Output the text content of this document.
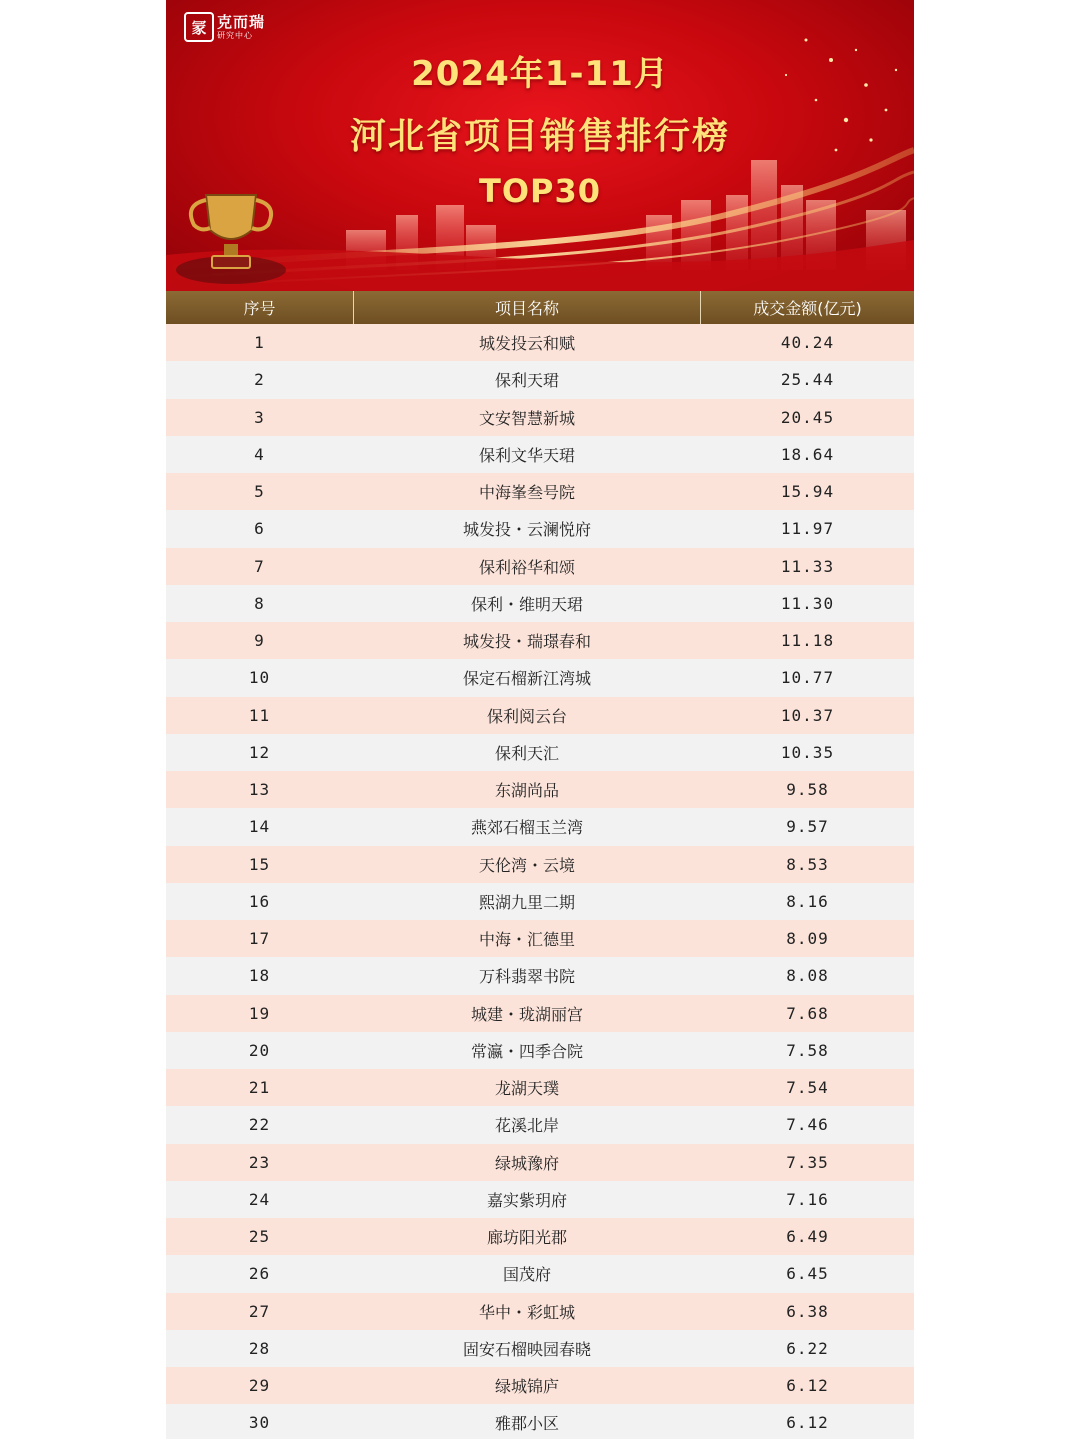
冡 克而瑞
研究中心
2024年1-11月
河北省项目销售排行榜
TOP30
序号	项目名称	成交金额(亿元)
1	城发投云和赋	40.24
2	保利天珺	25.44
3	文安智慧新城	20.45
4	保利文华天珺	18.64
5	中海峯叁号院	15.94
6	城发投・云澜悦府	11.97
7	保利裕华和颂	11.33
8	保利・维明天珺	11.30
9	城发投・瑞璟春和	11.18
10	保定石榴新江湾城	10.77
11	保利阅云台	10.37
12	保利天汇	10.35
13	东湖尚品	9.58
14	燕郊石榴玉兰湾	9.57
15	天伦湾・云境	8.53
16	熙湖九里二期	8.16
17	中海・汇德里	8.09
18	万科翡翠书院	8.08
19	城建・珑湖丽宫	7.68
20	常瀛・四季合院	7.58
21	龙湖天璞	7.54
22	花溪北岸	7.46
23	绿城豫府	7.35
24	嘉实紫玥府	7.16
25	廊坊阳光郡	6.49
26	国茂府	6.45
27	华中・彩虹城	6.38
28	固安石榴映园春晓	6.22
29	绿城锦庐	6.12
30	雅郡小区	6.12
